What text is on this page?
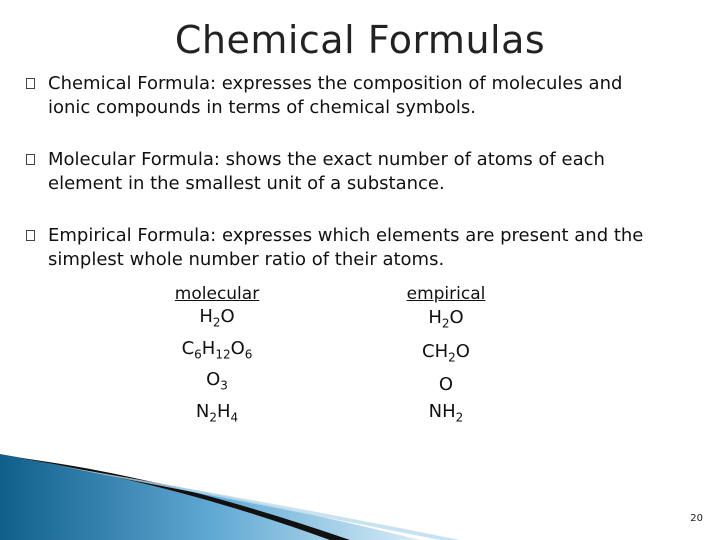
Chemical Formulas
Chemical Formula: expresses the composition of molecules and
ionic compounds in terms of chemical symbols.
Molecular Formula: shows the exact number of atoms of each
element in the smallest unit of a substance.
Empirical Formula: expresses which elements are present and the
simplest whole number ratio of their atoms.
molecular
$H_2O$
$C_6H_{12}O_6$
$O_3$
$N_2H_4$
empirical
$H_2O$
$CH_2O$
O
$NH_2$
20
